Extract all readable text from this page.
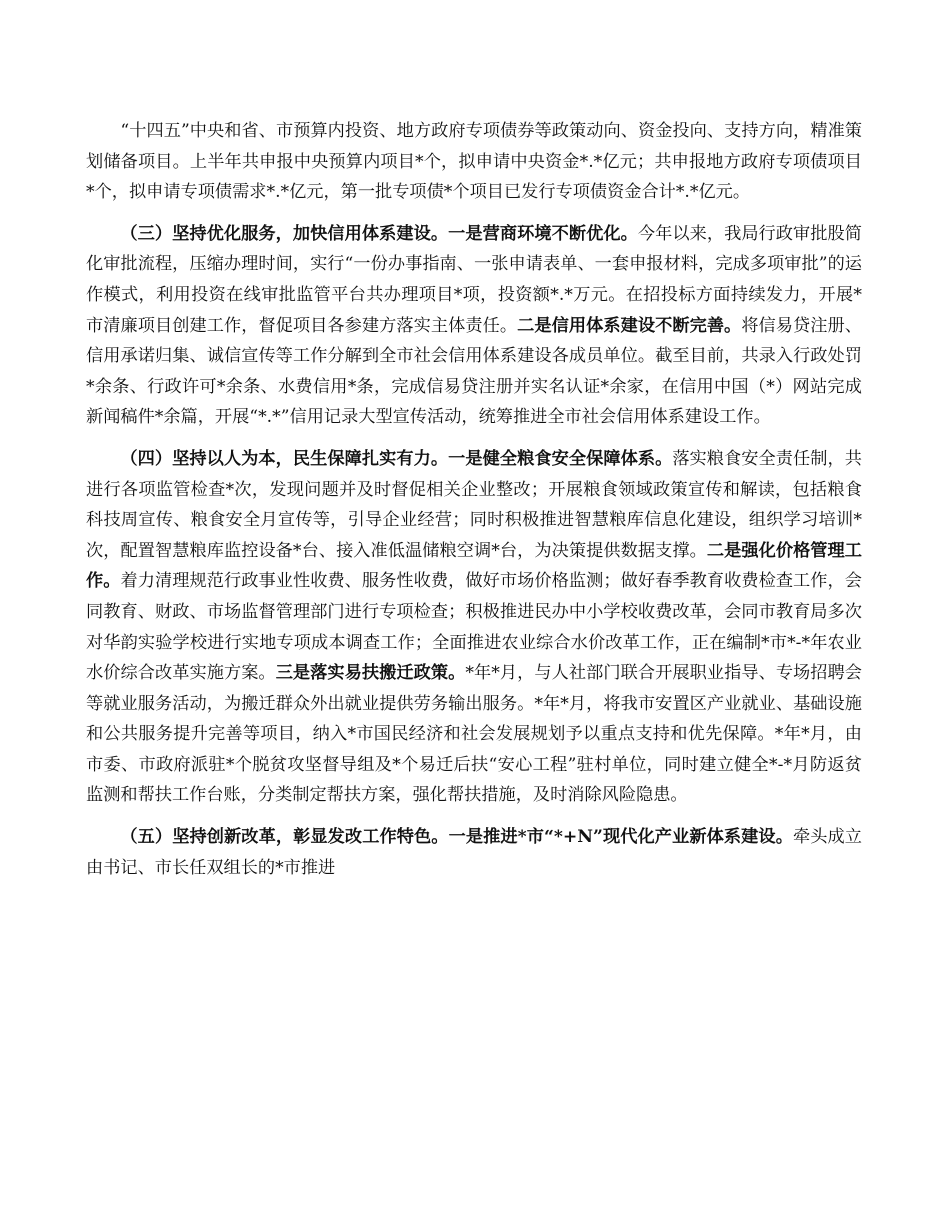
“十四五”中央和省、市预算内投资、地方政府专项债券等政策动向、资金投向、支持方向，精准策划储备项目。上半年共申报中央预算内项目*个，拟申请中央资金*.*亿元；共申报地方政府专项债项目*个，拟申请专项债需求*.*亿元，第一批专项债*个项目已发行专项债资金合计*.*亿元。

（三）坚持优化服务，加快信用体系建设。一是营商环境不断优化。今年以来，我局行政审批股简化审批流程，压缩办理时间，实行“一份办事指南、一张申请表单、一套申报材料，完成多项审批”的运作模式，利用投资在线审批监管平台共办理项目*项，投资额*.*万元。在招投标方面持续发力，开展*市清廉项目创建工作，督促项目各参建方落实主体责任。二是信用体系建设不断完善。将信易贷注册、信用承诺归集、诚信宣传等工作分解到全市社会信用体系建设各成员单位。截至目前，共录入行政处罚*余条、行政许可*余条、水费信用*条，完成信易贷注册并实名认证*余家，在信用中国（*）网站完成新闻稿件*余篇，开展“*.*”信用记录大型宣传活动，统筹推进全市社会信用体系建设工作。

（四）坚持以人为本，民生保障扎实有力。一是健全粮食安全保障体系。落实粮食安全责任制，共进行各项监管检查*次，发现问题并及时督促相关企业整改；开展粮食领域政策宣传和解读，包括粮食科技周宣传、粮食安全月宣传等，引导企业经营；同时积极推进智慧粮库信息化建设，组织学习培训*次，配置智慧粮库监控设备*台、接入准低温储粮空调*台，为决策提供数据支撑。二是强化价格管理工作。着力清理规范行政事业性收费、服务性收费，做好市场价格监测；做好春季教育收费检查工作，会同教育、财政、市场监督管理部门进行专项检查；积极推进民办中小学校收费改革，会同市教育局多次对华韵实验学校进行实地专项成本调查工作；全面推进农业综合水价改革工作，正在编制*市*-*年农业水价综合改革实施方案。三是落实易扶搬迁政策。*年*月，与人社部门联合开展职业指导、专场招聘会等就业服务活动，为搬迁群众外出就业提供劳务输出服务。*年*月，将我市安置区产业就业、基础设施和公共服务提升完善等项目，纳入*市国民经济和社会发展规划予以重点支持和优先保障。*年*月，由市委、市政府派驻*个脱贫攻坚督导组及*个易迁后扶“安心工程”驻村单位，同时建立健全*-*月防返贫监测和帮扶工作台账，分类制定帮扶方案，强化帮扶措施，及时消除风险隐患。

（五）坚持创新改革，彰显发改工作特色。一是推进*市“*+N”现代化产业新体系建设。牵头成立由书记、市长任双组长的*市推进
